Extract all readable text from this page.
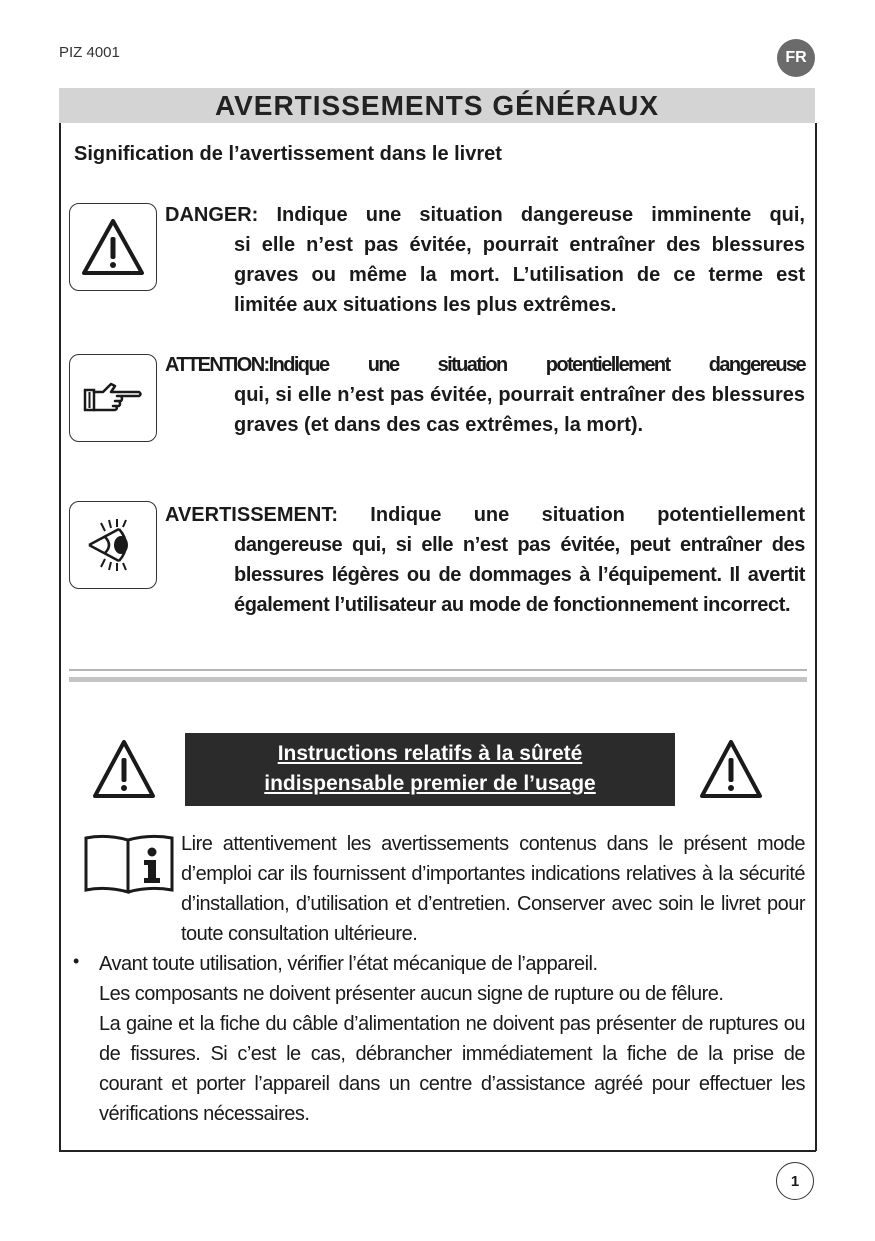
PIZ 4001	FR
AVERTISSEMENTS GÉNÉRAUX
Signification de l’avertissement dans le livret
DANGER: Indique une situation dangereuse imminente qui,
si elle n’est pas évitée, pourrait entraîner des blessures graves ou même la mort. L’utilisation de ce terme est limitée aux situations les plus extrêmes.
ATTENTION:Indique une situation potentiellement dangereuse
qui, si elle n’est pas évitée, pourrait entraîner des blessures graves (et dans des cas extrêmes, la mort).
AVERTISSEMENT: Indique une situation potentiellement
dangereuse qui, si elle n’est pas évitée, peut entraîner des blessures légères ou de dommages à l’équipement. Il avertit également l’utilisateur au mode de fonctionnement incorrect.
Instructions relatifs à la sûreté
indispensable premier de l’usage
Lire attentivement les avertissements contenus dans le présent mode d’emploi car ils fournissent d’importantes indications relatives à la sécurité d’installation, d’utilisation et d’entretien. Conserver avec soin le livret pour toute consultation ultérieure.
• Avant toute utilisation, vérifier l’état mécanique de l’appareil.
Les composants ne doivent présenter aucun signe de rupture ou de fêlure.
La gaine et la fiche du câble d’alimentation ne doivent pas présenter de ruptures ou de fissures. Si c’est le cas, débrancher immédiatement la fiche de la prise de courant et porter l’appareil dans un centre d’assistance agréé pour effectuer les vérifications nécessaires.
1
